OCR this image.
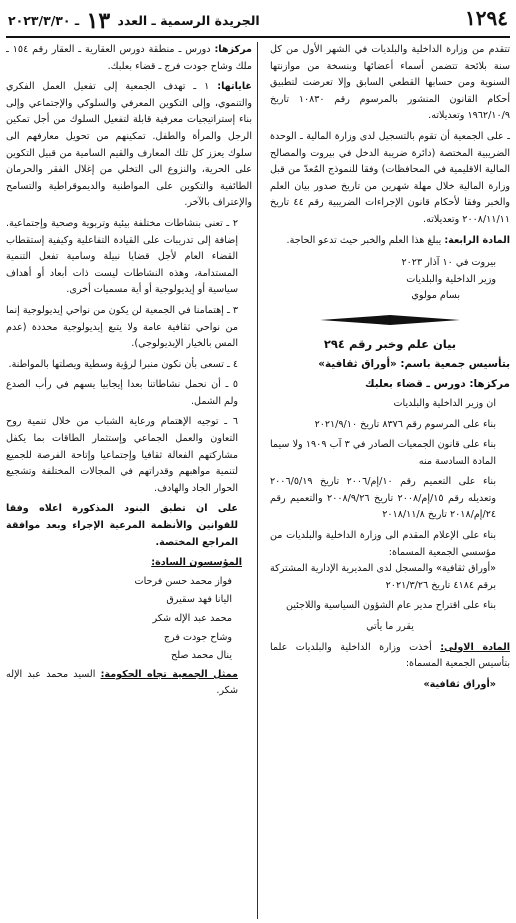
١٢٩٤
الجريدة الرسمية ـ العدد ١٣ ـ ٢٠٢٣/٣/٣٠

تتقدم من وزارة الداخلية والبلديات في الشهر الأول من كل سنة بلائحة تتضمن أسماء أعضائها وبنسخة من موازنتها السنوية ومن حسابها القطعي السابق وإلا تعرضت لتطبيق أحكام القانون المنشور بالمرسوم رقم ١٠٨٣٠ تاريخ ١٩٦٢/١٠/٩ وتعديلاته.

ـ على الجمعية أن تقوم بالتسجيل لدى وزارة المالية ـ الوحدة الضريبية المختصة (دائرة ضريبة الدخل في بيروت والمصالح المالية الاقليمية في المحافظات) وفقا للنموذج المُعدّ من قبل وزارة المالية خلال مهلة شهرين من تاريخ صدور بيان العلم والخبر وفقا لأحكام قانون الإجراءات الضريبية رقم ٤٤ تاريخ ٢٠٠٨/١١/١١ وتعديلاته.

المادة الرابعة: يبلغ هذا العلم والخبر حيث تدعو الحاجة.

بيروت في ١٠ آذار ٢٠٢٣

وزير الداخلية والبلديات

بسام مولوي

بيان علم وخبر رقم ٢٩٤

بتأسيس جمعية باسم: «أوراق ثقافية»

مركزها: دورس ـ قضاء بعلبك

ان وزير الداخلية والبلديات

بناء على المرسوم رقم ٨٣٧٦ تاريخ ٢٠٢١/٩/١٠

بناء على قانون الجمعيات الصادر في ٣ آب ١٩٠٩ ولا سيما المادة السادسة منه

بناء على التعميم رقم ١٠/إم/٢٠٠٦ تاريخ ٢٠٠٦/٥/١٩ وتعديله رقم ١٥/إم/٢٠٠٨ تاريخ ٢٠٠٨/٩/٢٦ والتعميم رقم ٢٤/إم/٢٠١٨ تاريخ ٢٠١٨/١١/٨

بناء على الإعلام المقدم الى وزارة الداخلية والبلديات من مؤسسي الجمعية المسماة:

«أوراق ثقافية» والمسجل لدى المديرية الإدارية المشتركة برقم ٤١٨٤ تاريخ ٢٠٢١/٣/٢٦

بناء على اقتراح مدير عام الشؤون السياسية واللاجئين

يقرر ما يأتي

المادة الاولى: أخذت وزارة الداخلية والبلديات علما بتأسيس الجمعية المسماة:

«أوراق ثقافية»

مركزها: دورس ـ منطقة دورس العقارية ـ العقار رقم ١٥٤ ـ ملك وشاح جودت فرج ـ قضاء بعلبك.

غاياتها: ١ ـ تهدف الجمعية إلى تفعيل العمل الفكري والتنموي، وإلى التكوين المعرفي والسلوكي والإجتماعي وإلى بناء إستراتيجيات معرفية قابلة لتفعيل السلوك من أجل تمكين الرجل والمرأة والطفل. تمكينهم من تحويل معارفهم الى سلوك يعزز كل تلك المعارف والقيم السامية من قبيل التكوين على الحرية، والنزوع الى التخلي من إغلال الفقر والحرمان الطائفية والتكوين على المواطنية والديموقراطية والتسامح والإعتراف بالآخر.

٢ ـ تعنى بنشاطات مختلفة بيئية وتربوية وصحية وإجتماعية. إضافة إلى تدريبات على القيادة التفاعلية وكيفية إستقطاب القضاء العام لأجل قضايا نبيلة وسامية تفعل التنمية المستدامة، وهذه النشاطات ليست ذات أبعاد أو أهداف سياسية أو إيديولوجية أو أية مسميات أخرى.

٣ ـ إهتمامنا في الجمعية لن يكون من نواحي إيديولوجية إنما من نواحي ثقافية عامة ولا يتبع إيديولوجية محددة (عدم المس بالخيار الإيديولوجي).

٤ ـ تسعى بأن نكون منبرا لرؤية وسطية ويصلتها بالمواطنة.

٥ ـ أن نحمل نشاطاتنا بعدا إيجابيا يسهم في رأب الصدع ولم الشمل.

٦ ـ توجيه الإهتمام ورعاية الشباب من خلال تنمية روح التعاون والعمل الجماعي وإستثمار الطاقات بما يكفل مشاركتهم الفعالة ثقافيا وإجتماعيا وإتاحة الفرصة للجميع لتنمية مواهبهم وقدراتهم في المجالات المختلفة وتشجيع الحوار الجاد والهادف.

على ان تطبق البنود المذكورة اعلاه وفقا للقوانين والأنظمة المرعية الإجراء وبعد موافقة المراجع المختصة.

المؤسسون السادة:

فواز محمد حسن فرحات

اليانا فهد سقيرق

محمد عبد الإله شكر

وشاح جودت فرج

ينال محمد صلح

ممثل الجمعية تجاه الحكومة: السيد محمد عبد الإله شكر.
